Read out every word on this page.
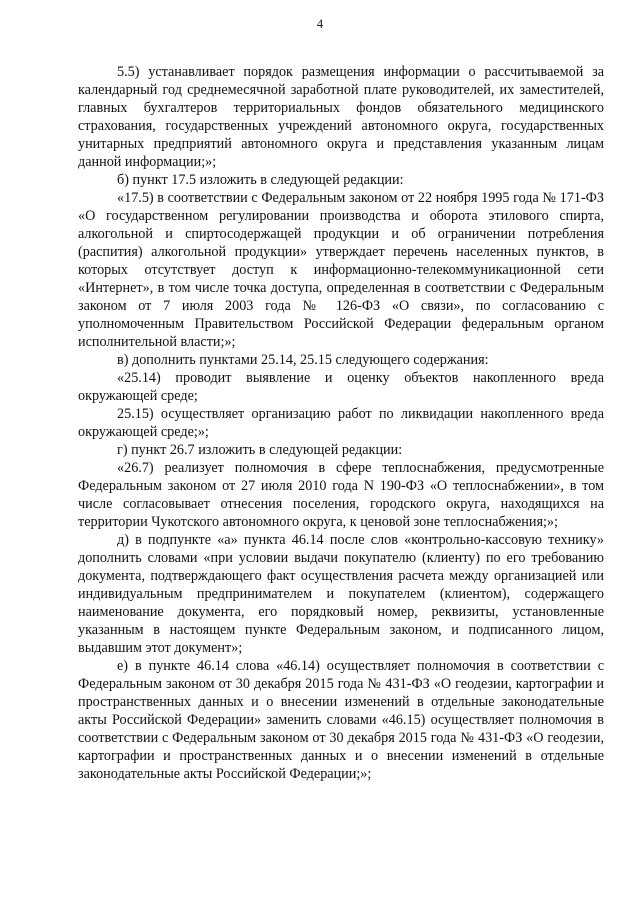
4

5.5) устанавливает порядок размещения информации о рассчитываемой за календарный год среднемесячной заработной плате руководителей, их заместителей, главных бухгалтеров территориальных фондов обязательного медицинского страхования, государственных учреждений автономного округа, государственных унитарных предприятий автономного округа и представления указанным лицам данной информации;»;

б) пункт 17.5 изложить в следующей редакции:

«17.5) в соответствии с Федеральным законом от 22 ноября 1995 года № 171-ФЗ «О государственном регулировании производства и оборота этилового спирта, алкогольной и спиртосодержащей продукции и об ограничении потребления (распития) алкогольной продукции» утверждает перечень населенных пунктов, в которых отсутствует доступ к информационно-телекоммуникационной сети «Интернет», в том числе точка доступа, определенная в соответствии с Федеральным законом от 7 июля 2003 года № 126-ФЗ «О связи», по согласованию с уполномоченным Правительством Российской Федерации федеральным органом исполнительной власти;»;

в) дополнить пунктами 25.14, 25.15 следующего содержания:

«25.14) проводит выявление и оценку объектов накопленного вреда окружающей среде;

25.15) осуществляет организацию работ по ликвидации накопленного вреда окружающей среде;»;

г) пункт 26.7 изложить в следующей редакции:

«26.7) реализует полномочия в сфере теплоснабжения, предусмотренные Федеральным законом от 27 июля 2010 года N 190-ФЗ «О теплоснабжении», в том числе согласовывает отнесения поселения, городского округа, находящихся на территории Чукотского автономного округа, к ценовой зоне теплоснабжения;»;

д) в подпункте «а» пункта 46.14 после слов «контрольно-кассовую технику» дополнить словами «при условии выдачи покупателю (клиенту) по его требованию документа, подтверждающего факт осуществления расчета между организацией или индивидуальным предпринимателем и покупателем (клиентом), содержащего наименование документа, его порядковый номер, реквизиты, установленные указанным в настоящем пункте Федеральным законом, и подписанного лицом, выдавшим этот документ»;

е) в пункте 46.14 слова «46.14) осуществляет полномочия в соответствии с Федеральным законом от 30 декабря 2015 года № 431-ФЗ «О геодезии, картографии и пространственных данных и о внесении изменений в отдельные законодательные акты Российской Федерации» заменить словами «46.15) осуществляет полномочия в соответствии с Федеральным законом от 30 декабря 2015 года № 431-ФЗ «О геодезии, картографии и пространственных данных и о внесении изменений в отдельные законодательные акты Российской Федерации;»;
